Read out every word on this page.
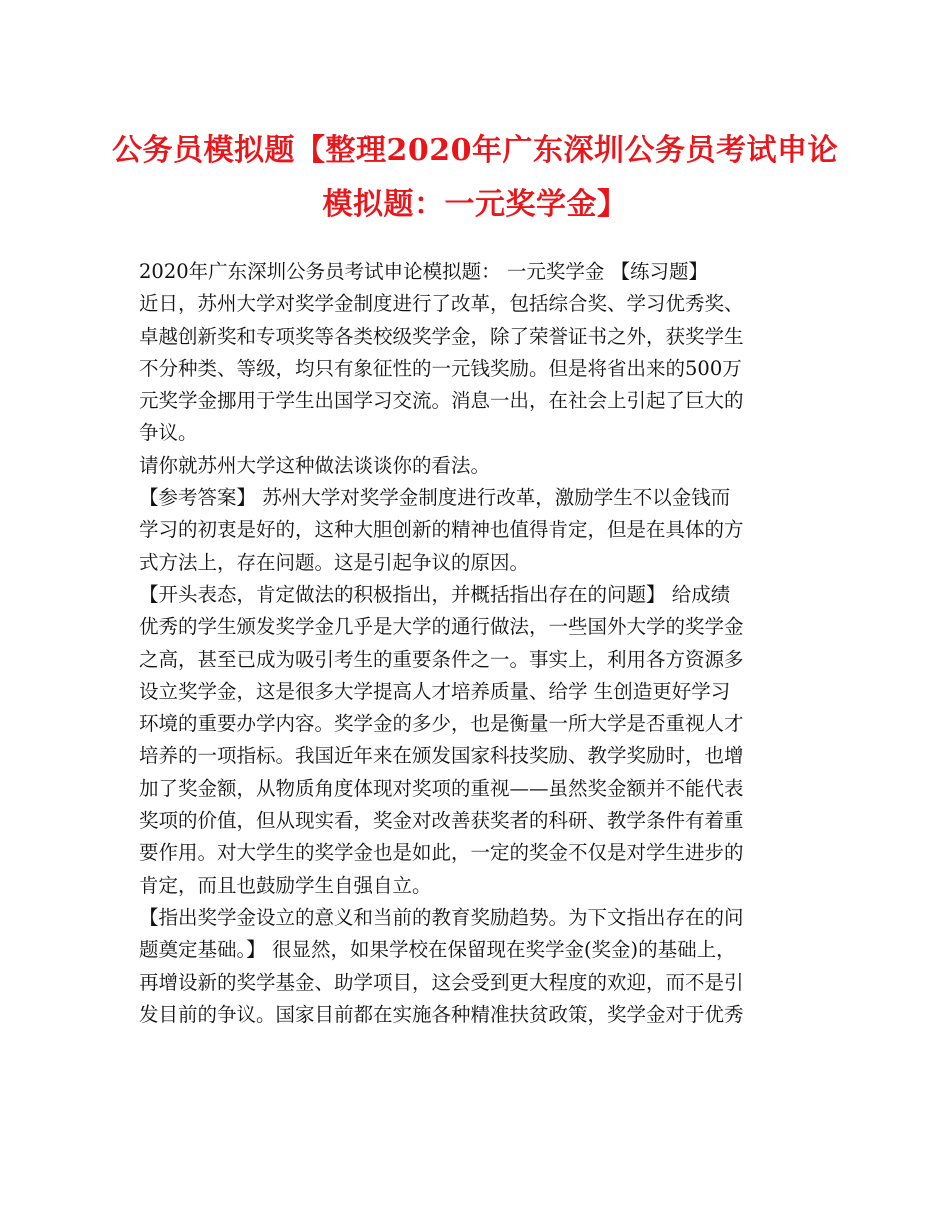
公务员模拟题【整理2020年广东深圳公务员考试申论
模拟题：一元奖学金】
2020年广东深圳公务员考试申论模拟题： 一元奖学金 【练习题】
近日，苏州大学对奖学金制度进行了改革，包括综合奖、学习优秀奖、
卓越创新奖和专项奖等各类校级奖学金，除了荣誉证书之外，获奖学生
不分种类、等级，均只有象征性的一元钱奖励。但是将省出来的500万
元奖学金挪用于学生出国学习交流。消息一出，在社会上引起了巨大的
争议。
请你就苏州大学这种做法谈谈你的看法。
【参考答案】 苏州大学对奖学金制度进行改革，激励学生不以金钱而
学习的初衷是好的，这种大胆创新的精神也值得肯定，但是在具体的方
式方法上，存在问题。这是引起争议的原因。
【开头表态，肯定做法的积极指出，并概括指出存在的问题】 给成绩
优秀的学生颁发奖学金几乎是大学的通行做法，一些国外大学的奖学金
之高，甚至已成为吸引考生的重要条件之一。事实上，利用各方资源多
设立奖学金，这是很多大学提高人才培养质量、给学 生创造更好学习
环境的重要办学内容。奖学金的多少，也是衡量一所大学是否重视人才
培养的一项指标。我国近年来在颁发国家科技奖励、教学奖励时，也增
加了奖金额，从物质角度体现对奖项的重视——虽然奖金额并不能代表
奖项的价值，但从现实看，奖金对改善获奖者的科研、教学条件有着重
要作用。对大学生的奖学金也是如此，一定的奖金不仅是对学生进步的
肯定，而且也鼓励学生自强自立。
【指出奖学金设立的意义和当前的教育奖励趋势。为下文指出存在的问
题奠定基础。】 很显然，如果学校在保留现在奖学金(奖金)的基础上，
再增设新的奖学基金、助学项目，这会受到更大程度的欢迎，而不是引
发目前的争议。国家目前都在实施各种精准扶贫政策，奖学金对于优秀
